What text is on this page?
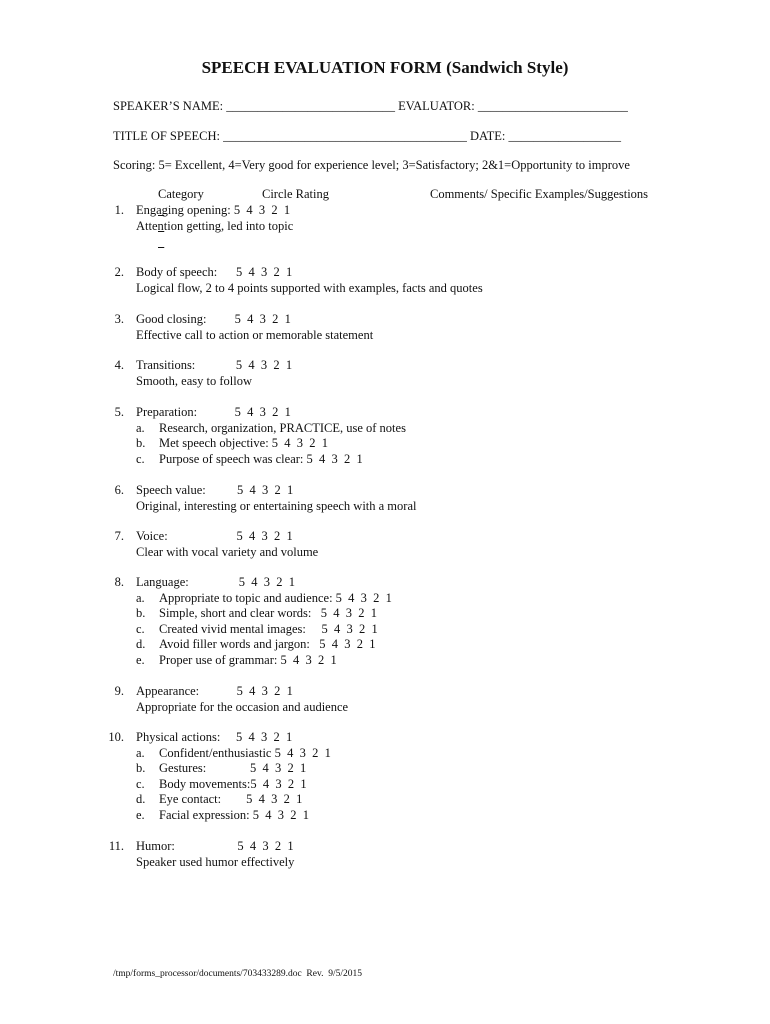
SPEECH EVALUATION FORM (Sandwich Style)
SPEAKER’S NAME: ___________________________ EVALUATOR: ________________________
TITLE OF SPEECH: _______________________________________ DATE: __________________
Scoring: 5= Excellent, 4=Very good for experience level; 3=Satisfactory; 2&1=Opportunity to improve

Category

	Circle Rating

	Comments/ Specific Examples/Suggestions

1. Engaging opening: 5  4  3  2  1
Attention getting, led into topic
2. Body of speech:      5  4  3  2  1
Logical flow, 2 to 4 points supported with examples, facts and quotes
3. Good closing:         5  4  3  2  1
Effective call to action or memorable statement
4. Transitions:             5  4  3  2  1
Smooth, easy to follow
5. Preparation:            5  4  3  2  1
a. Research, organization, PRACTICE, use of notes
b. Met speech objective: 5  4  3  2  1
c. Purpose of speech was clear: 5  4  3  2  1
6. Speech value:          5  4  3  2  1
Original, interesting or entertaining speech with a moral
7. Voice:                      5  4  3  2  1
Clear with vocal variety and volume
8. Language:                5  4  3  2  1
a. Appropriate to topic and audience: 5  4  3  2  1
b. Simple, short and clear words:   5  4  3  2  1
c. Created vivid mental images:     5  4  3  2  1
d. Avoid filler words and jargon:   5  4  3  2  1
e. Proper use of grammar: 5  4  3  2  1
9. Appearance:            5  4  3  2  1
Appropriate for the occasion and audience
10. Physical actions:     5  4  3  2  1
a. Confident/enthusiastic 5  4  3  2  1
b. Gestures:              5  4  3  2  1
c. Body movements:5  4  3  2  1
d. Eye contact:        5  4  3  2  1
e. Facial expression: 5  4  3  2  1
11. Humor:                    5  4  3  2  1
Speaker used humor effectively
/tmp/forms_processor/documents/703433289.doc  Rev.  9/5/2015
